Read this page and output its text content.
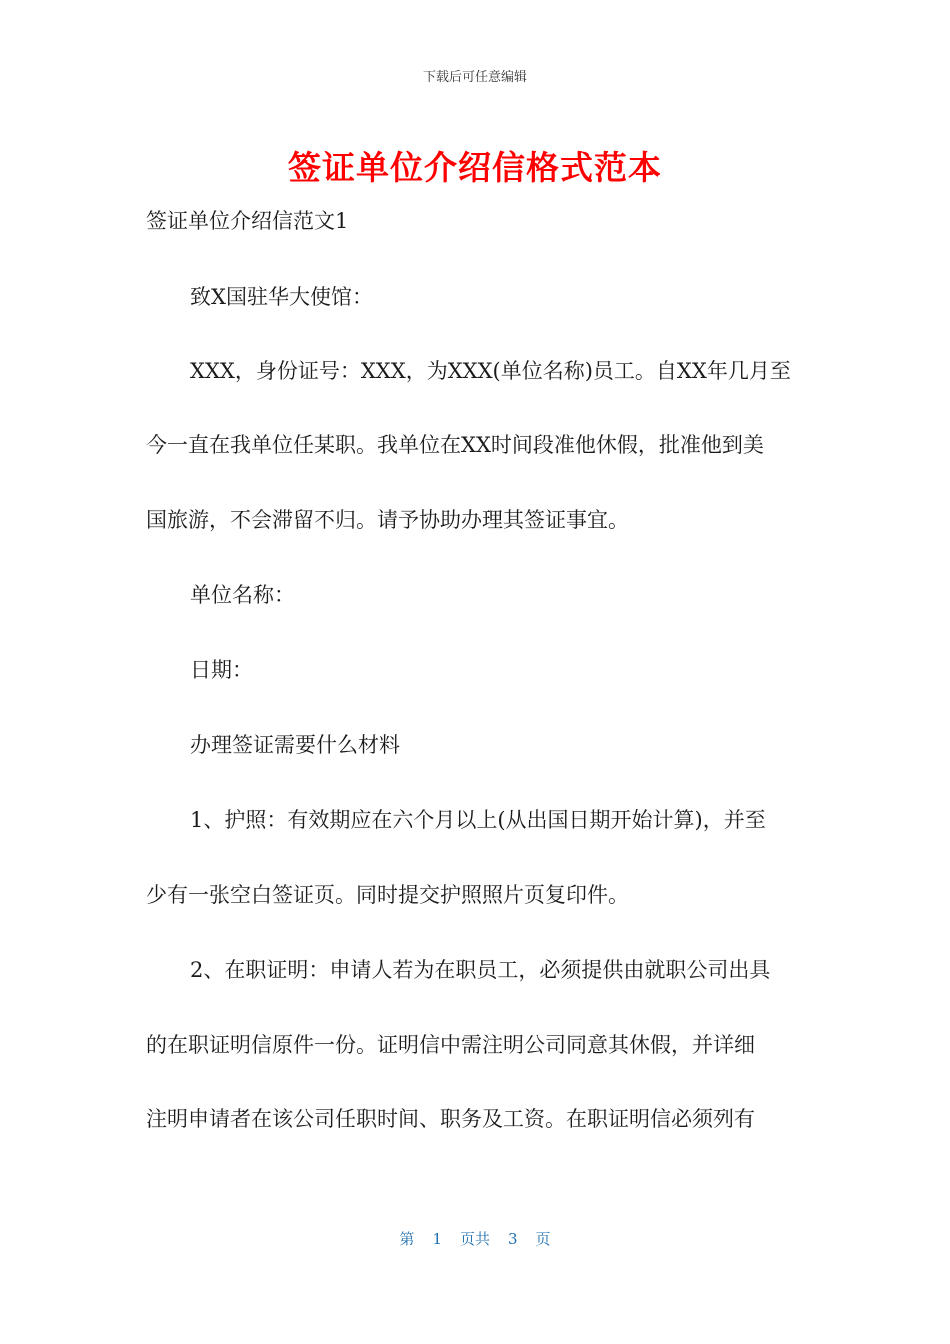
下载后可任意编辑
签证单位介绍信格式范本
签证单位介绍信范文1
致X国驻华大使馆：
XXX，身份证号：XXX，为XXX(单位名称)员工。自XX年几月至
今一直在我单位任某职。我单位在XX时间段准他休假，批准他到美
国旅游，不会滞留不归。请予协助办理其签证事宜。
单位名称：
日期：
办理签证需要什么材料
1、护照：有效期应在六个月以上(从出国日期开始计算)，并至
少有一张空白签证页。同时提交护照照片页复印件。
2、在职证明：申请人若为在职员工，必须提供由就职公司出具
的在职证明信原件一份。证明信中需注明公司同意其休假，并详细
注明申请者在该公司任职时间、职务及工资。在职证明信必须列有
第 1 页共 3 页
